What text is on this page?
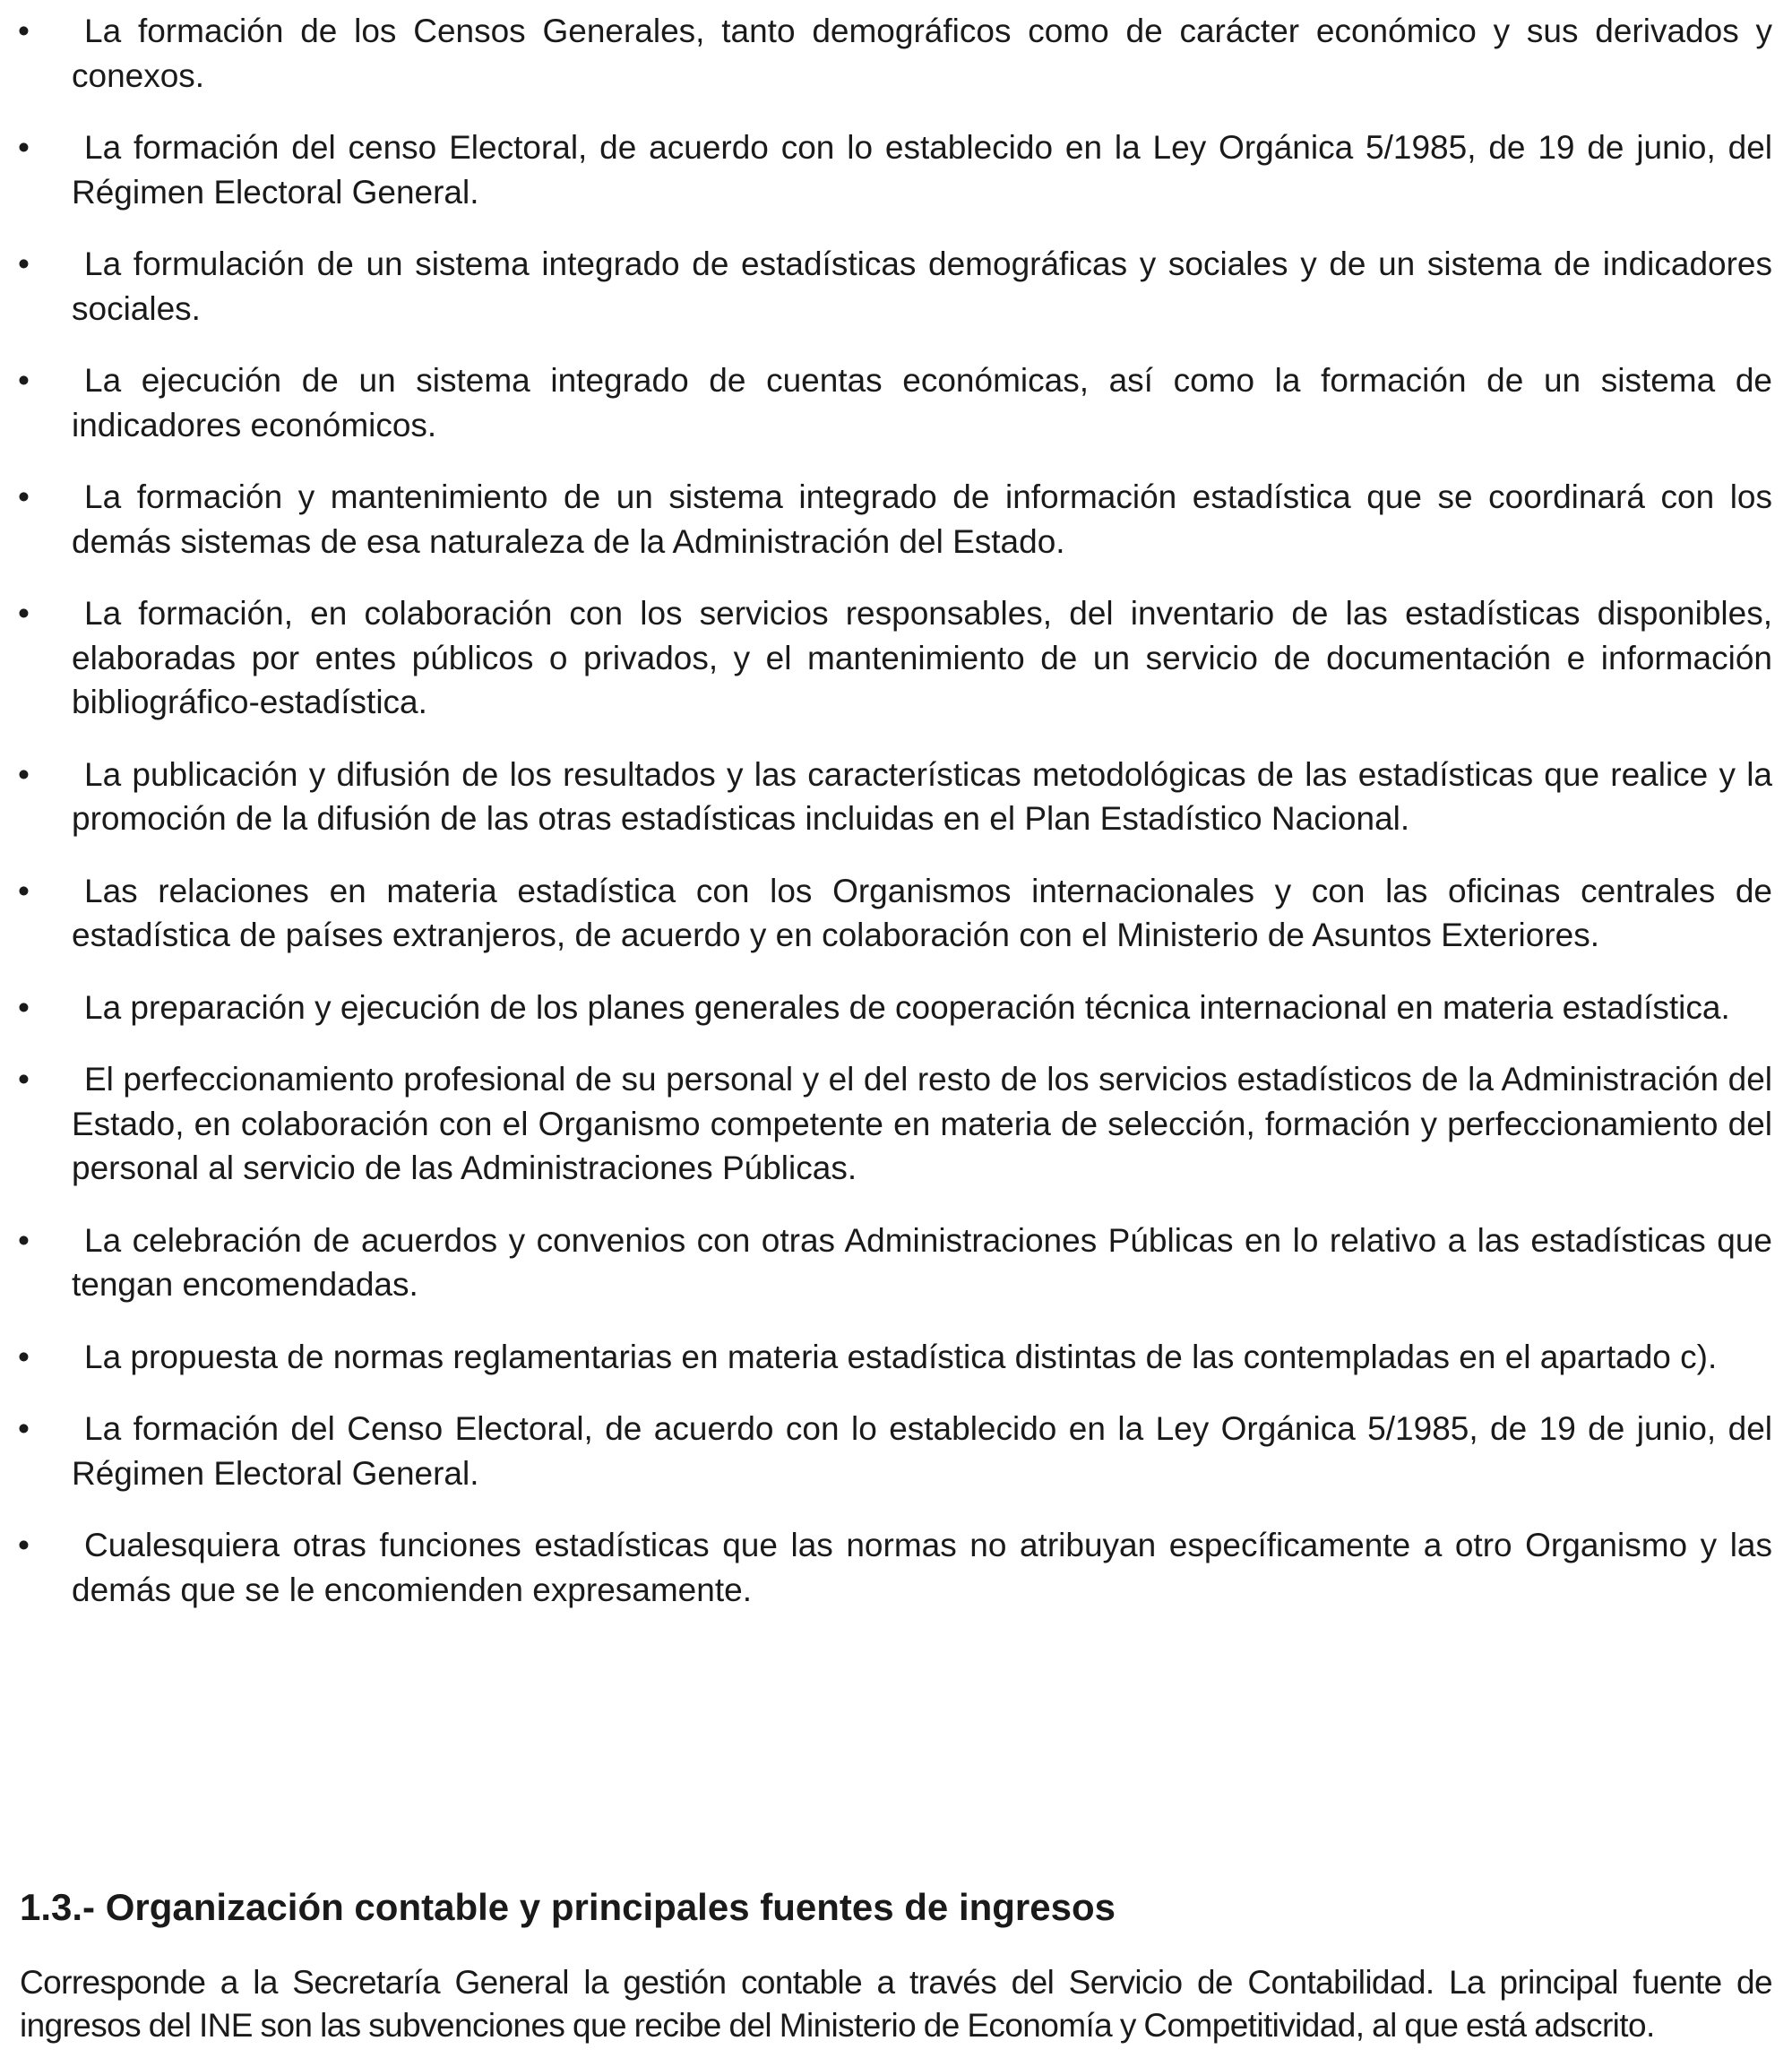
•	La formación de los Censos Generales, tanto demográficos como de carácter económico y sus derivados y conexos.
•	La formación del censo Electoral, de acuerdo con lo establecido en la Ley Orgánica 5/1985, de 19 de junio, del Régimen Electoral General.
•	La formulación de un sistema integrado de estadísticas demográficas y sociales y de un sistema de indicadores sociales.
•	La ejecución de un sistema integrado de cuentas económicas, así como la formación de un sistema de indicadores económicos.
•	La formación y mantenimiento de un sistema integrado de información estadística que se coordinará con los demás sistemas de esa naturaleza de la Administración del Estado.
•	La formación, en colaboración con los servicios responsables, del inventario de las estadísticas disponibles, elaboradas por entes públicos o privados, y el mantenimiento de un servicio de documentación e información bibliográfico-estadística.
•	La publicación y difusión de los resultados y las características metodológicas de las estadísticas que realice y la promoción de la difusión de las otras estadísticas incluidas en el Plan Estadístico Nacional.
•	Las relaciones en materia estadística con los Organismos internacionales y con las oficinas centrales de estadística de países extranjeros, de acuerdo y en colaboración con el Ministerio de Asuntos Exteriores.
•	La preparación y ejecución de los planes generales de cooperación técnica internacional en materia estadística.
•	El perfeccionamiento profesional de su personal y el del resto de los servicios estadísticos de la Administración del Estado, en colaboración con el Organismo competente en materia de selección, formación y perfeccionamiento del personal al servicio de las Administraciones Públicas.
•	La celebración de acuerdos y convenios con otras Administraciones Públicas en lo relativo a las estadísticas que tengan encomendadas.
•	La propuesta de normas reglamentarias en materia estadística distintas de las contempladas en el apartado c).
•	La formación del Censo Electoral, de acuerdo con lo establecido en la Ley Orgánica 5/1985, de 19 de junio, del Régimen Electoral General.
•	Cualesquiera otras funciones estadísticas que las normas no atribuyan específicamente a otro Organismo y las demás que se le encomienden expresamente.
1.3.- Organización contable y principales fuentes de ingresos

Corresponde a la Secretaría General la gestión contable a través del Servicio de Contabilidad. La principal fuente de ingresos del INE son las subvenciones que recibe del Ministerio de Economía y Competitividad, al que está adscrito.
